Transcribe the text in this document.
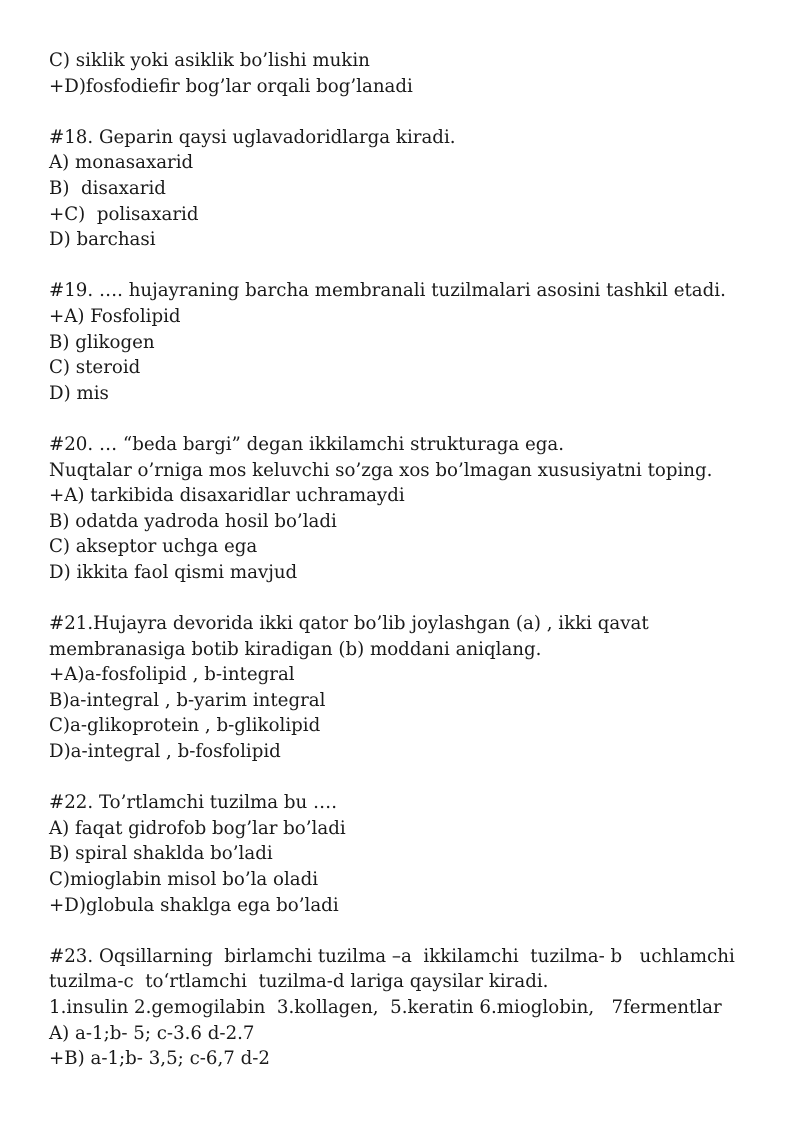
C) siklik yoki asiklik bo’lishi mukin
+D)fosfodiefir bog’lar orqali bog’lanadi
#18. Geparin qaysi uglavadoridlarga kiradi.
A) monasaxarid
B)  disaxarid
+C)  polisaxarid
D) barchasi
#19. …. hujayraning barcha membranali tuzilmalari asosini tashkil etadi.
+A) Fosfolipid
B) glikogen
C) steroid
D) mis
#20. … “beda bargi” degan ikkilamchi strukturaga ega.
Nuqtalar o’rniga mos keluvchi so’zga xos bo’lmagan xususiyatni toping.
+A) tarkibida disaxaridlar uchramaydi
B) odatda yadroda hosil bo’ladi
C) akseptor uchga ega
D) ikkita faol qismi mavjud
#21.Hujayra devorida ikki qator bo’lib joylashgan (a) , ikki qavat
membranasiga botib kiradigan (b) moddani aniqlang.
+A)a-fosfolipid , b-integral
B)a-integral , b-yarim integral
C)a-glikoprotein , b-glikolipid
D)a-integral , b-fosfolipid
#22. To’rtlamchi tuzilma bu ….
A) faqat gidrofob bog’lar bo’ladi
B) spiral shaklda bo’ladi
C)mioglabin misol bo’la oladi
+D)globula shaklga ega bo’ladi
#23. Oqsillarning  birlamchi tuzilma –a  ikkilamchi  tuzilma- b   uchlamchi
tuzilma-c  to‘rtlamchi  tuzilma-d lariga qaysilar kiradi.
1.insulin 2.gemogilabin  3.kollagen,  5.keratin 6.mioglobin,   7fermentlar
A) a-1;b- 5; c-3.6 d-2.7
+B) a-1;b- 3,5; c-6,7 d-2
